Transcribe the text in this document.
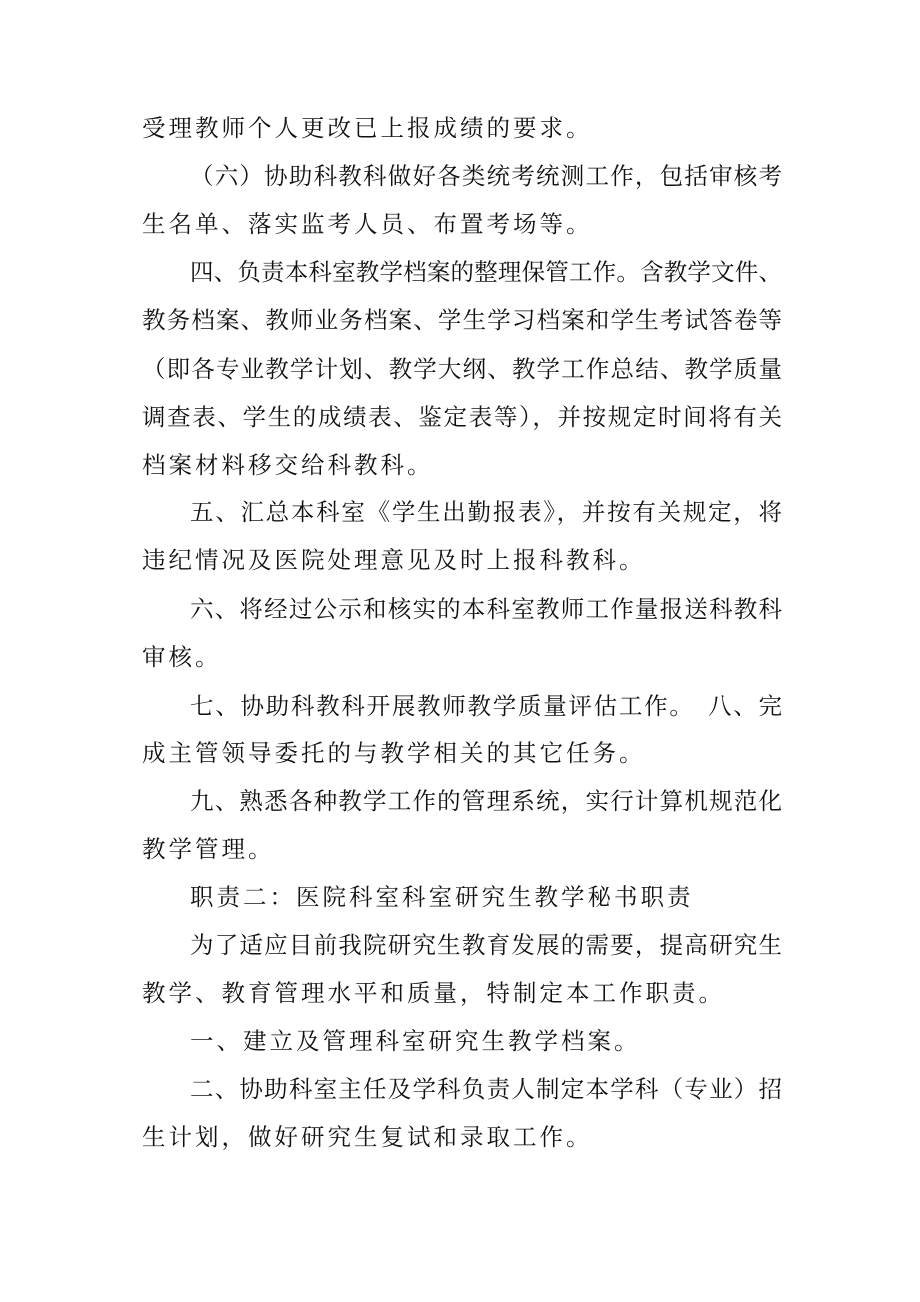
受理教师个人更改已上报成绩的要求。
（六）协助科教科做好各类统考统测工作，包括审核考
生名单、落实监考人员、布置考场等。
四、负责本科室教学档案的整理保管工作。含教学文件、
教务档案、教师业务档案、学生学习档案和学生考试答卷等
（即各专业教学计划、教学大纲、教学工作总结、教学质量
调查表、学生的成绩表、鉴定表等），并按规定时间将有关
档案材料移交给科教科。
五、汇总本科室《学生出勤报表》，并按有关规定，将
违纪情况及医院处理意见及时上报科教科。
六、将经过公示和核实的本科室教师工作量报送科教科
审核。
七、协助科教科开展教师教学质量评估工作。　八、完
成主管领导委托的与教学相关的其它任务。
九、熟悉各种教学工作的管理系统，实行计算机规范化
教学管理。
职责二：医院科室科室研究生教学秘书职责
为了适应目前我院研究生教育发展的需要，提高研究生
教学、教育管理水平和质量，特制定本工作职责。
一、建立及管理科室研究生教学档案。
二、协助科室主任及学科负责人制定本学科（专业）招
生计划，做好研究生复试和录取工作。
